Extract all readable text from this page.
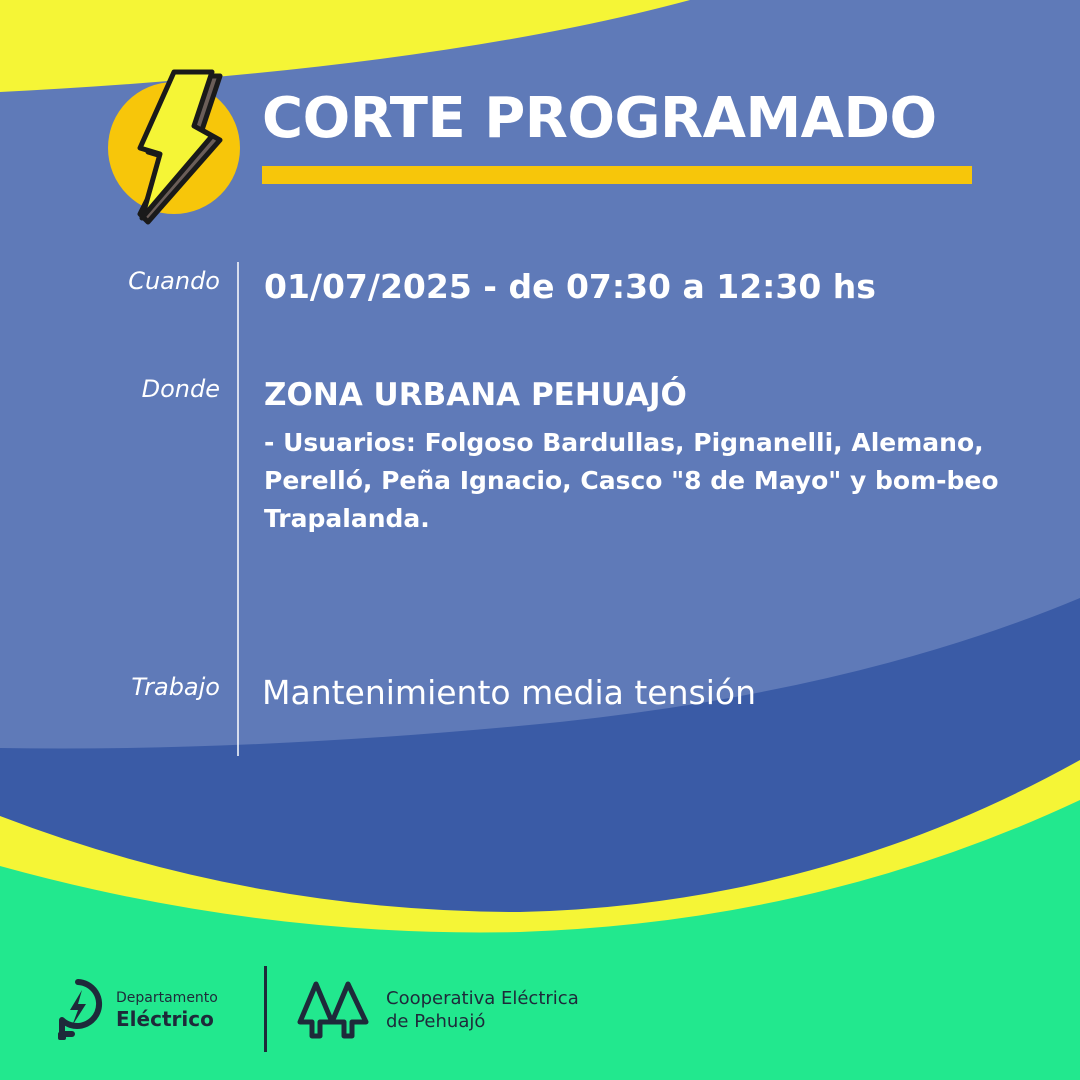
CORTE PROGRAMADO
Cuando 01/07/2025 - de 07:30 a 12:30 hs
Donde ZONA URBANA PEHUAJÓ

- Usuarios: Folgoso Bardullas, Pignanelli, Alemano, Perelló, Peña Ignacio, Casco "8 de Mayo" y bom-beo Trapalanda.

Trabajo Mantenimiento media tensión
Departamento
Eléctrico
Cooperativa Eléctrica
de Pehuajó
